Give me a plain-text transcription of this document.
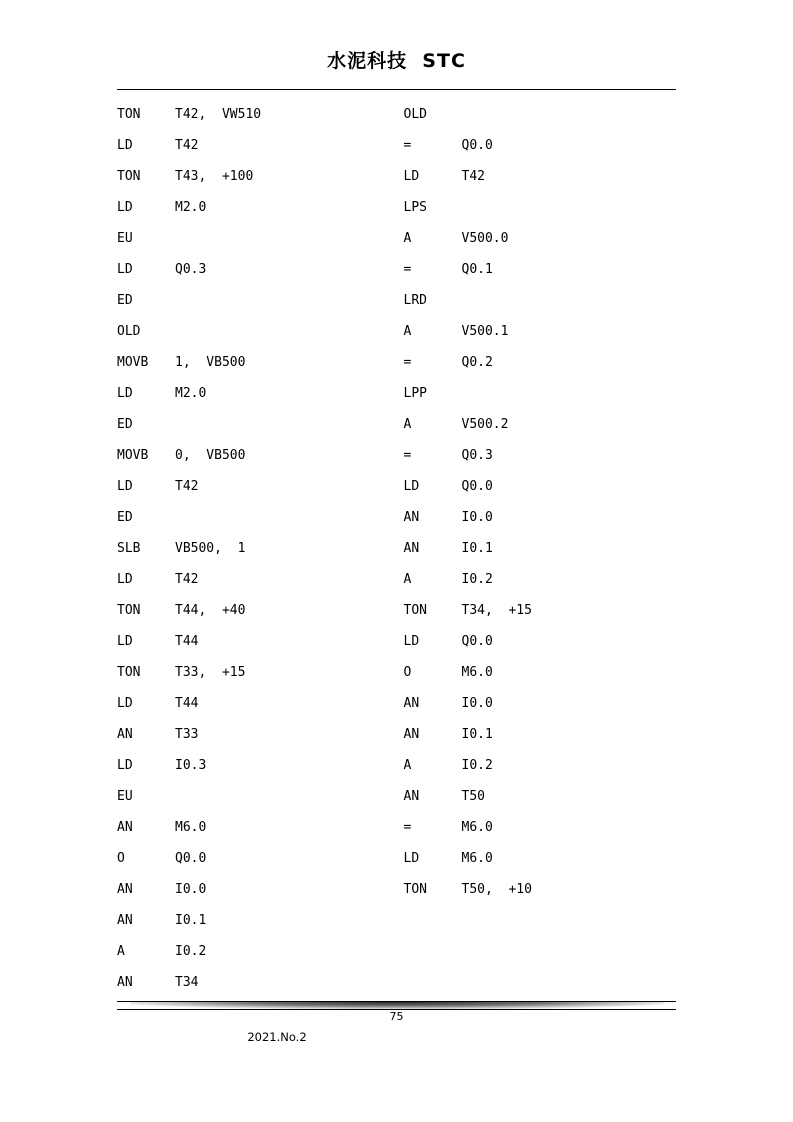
水泥科技  STC
TON	T42,  VW510
LD	T42
TON	T43,  +100
LD	M2.0
EU
LD	Q0.3
ED
OLD
MOVB	1,  VB500
LD	M2.0
ED
MOVB	0,  VB500
LD	T42
ED
SLB	VB500,  1
LD	T42
TON	T44,  +40
LD	T44
TON	T33,  +15
LD	T44
AN	T33
LD	I0.3
EU
AN	M6.0
O	Q0.0
AN	I0.0
AN	I0.1
A	I0.2
AN	T34
OLD
=	Q0.0
LD	T42
LPS
A	V500.0
=	Q0.1
LRD
A	V500.1
=	Q0.2
LPP
A	V500.2
=	Q0.3
LD	Q0.0
AN	I0.0
AN	I0.1
A	I0.2
TON	T34,  +15
LD	Q0.0
O	M6.0
AN	I0.0
AN	I0.1
A	I0.2
AN	T50
=	M6.0
LD	M6.0
TON	T50,  +10
75
2021.No.2
